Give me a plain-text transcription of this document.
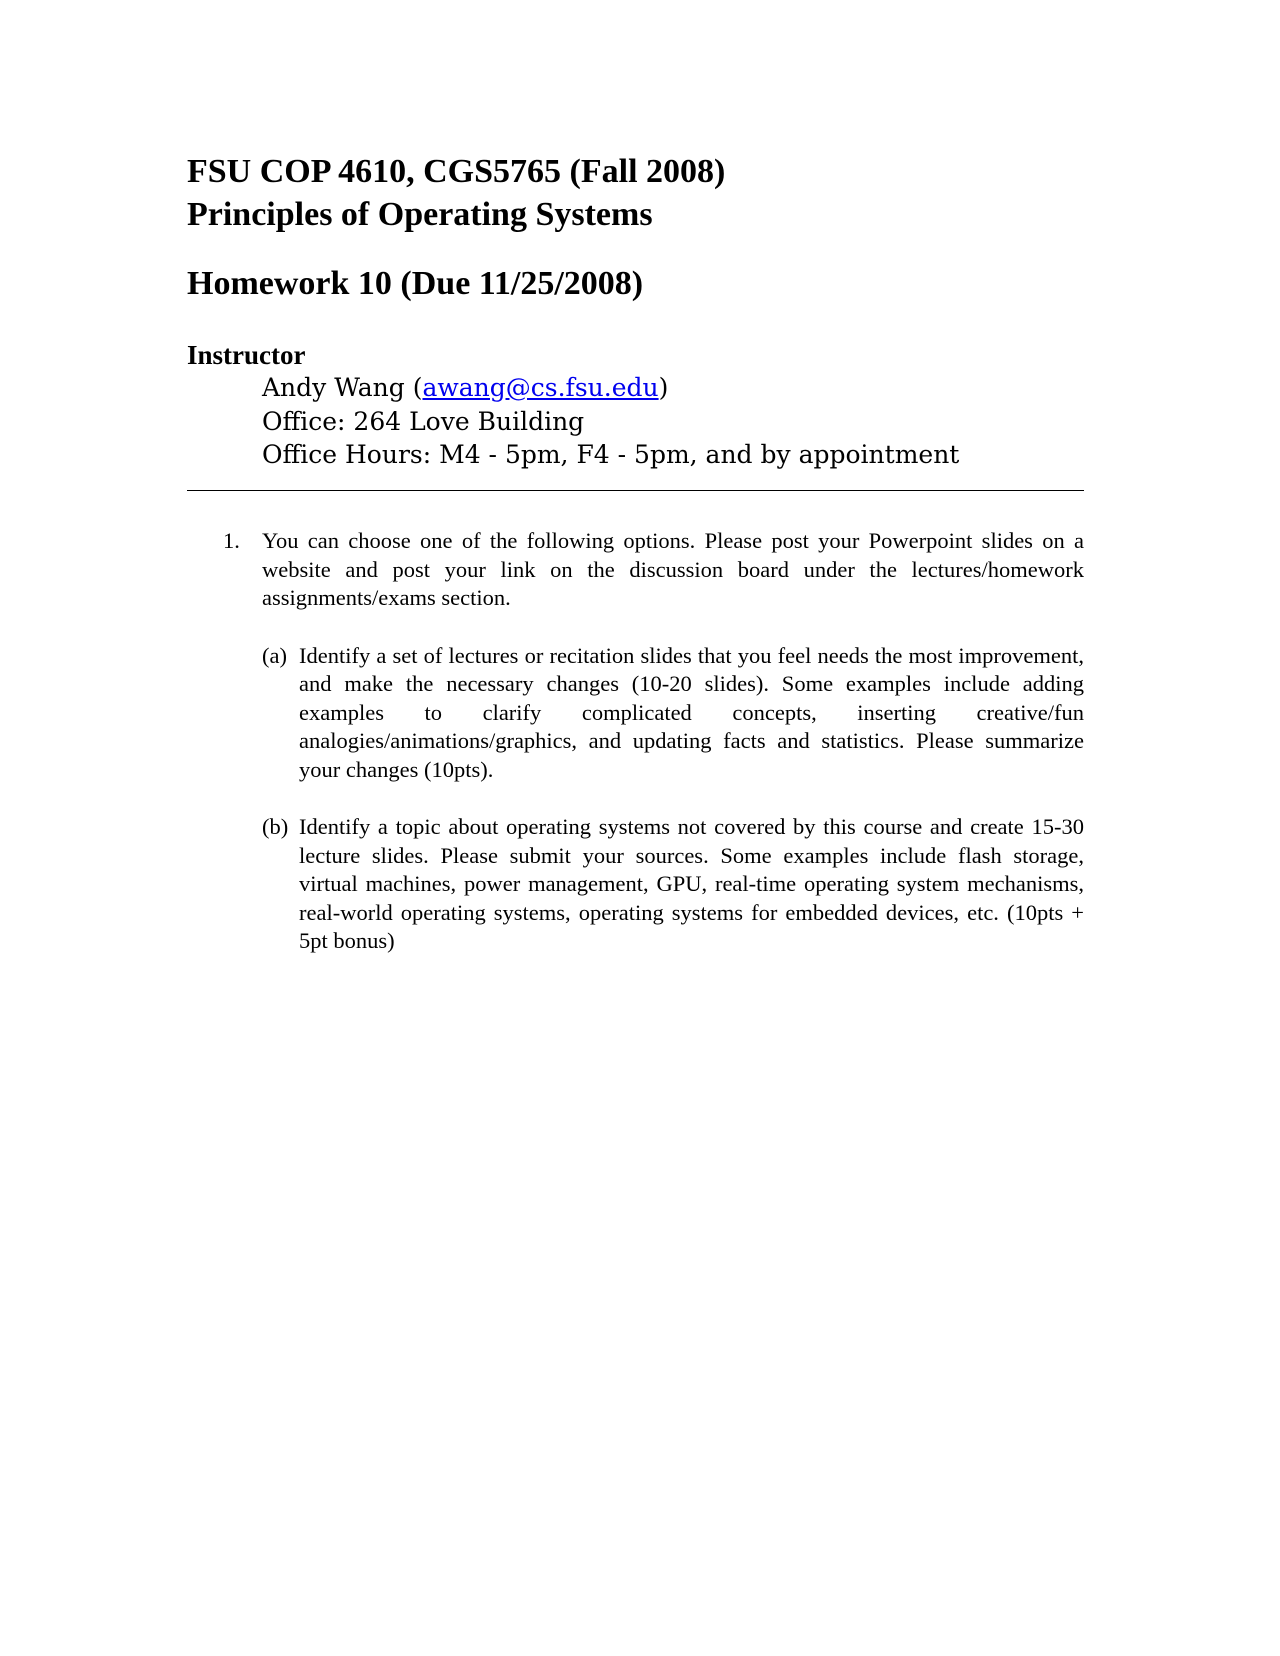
FSU COP 4610, CGS5765 (Fall 2008)

Principles of Operating Systems

Homework 10 (Due 11/25/2008)

Instructor

Andy Wang (awang@cs.fsu.edu)
Office: 264 Love Building
Office Hours: M4 - 5pm, F4 - 5pm, and by appointment
1. You can choose one of the following options. Please post your Powerpoint slides on a website and post your link on the discussion board under the lectures/homework assignments/exams section.
(a) Identify a set of lectures or recitation slides that you feel needs the most improvement, and make the necessary changes (10-20 slides). Some examples include adding examples to clarify complicated concepts, inserting creative/fun analogies/animations/graphics, and updating facts and statistics. Please summarize your changes (10pts).
(b) Identify a topic about operating systems not covered by this course and create 15-30 lecture slides. Please submit your sources. Some examples include flash storage, virtual machines, power management, GPU, real-time operating system mechanisms, real-world operating systems, operating systems for embedded devices, etc. (10pts + 5pt bonus)
